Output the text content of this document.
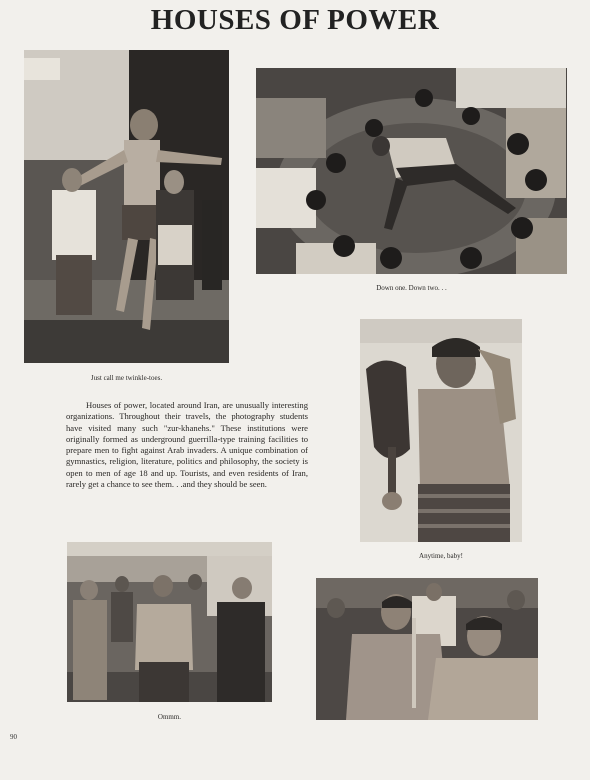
HOUSES OF POWER
Just call me twinkle-toes.
Down one. Down two. . .
Anytime, baby!

Houses of power, located around Iran, are unusually interesting organizations. Throughout their travels, the photography students have visited many such "zur-khanehs." These institutions were originally formed as underground guerrilla-type training facilities to prepare men to fight against Arab invaders. A unique combination of gymnastics, religion, literature, politics and philosophy, the society is open to men of age 18 and up. Tourists, and even residents of Iran, rarely get a chance to see them. . .and they should be seen.

Ommm.
90
